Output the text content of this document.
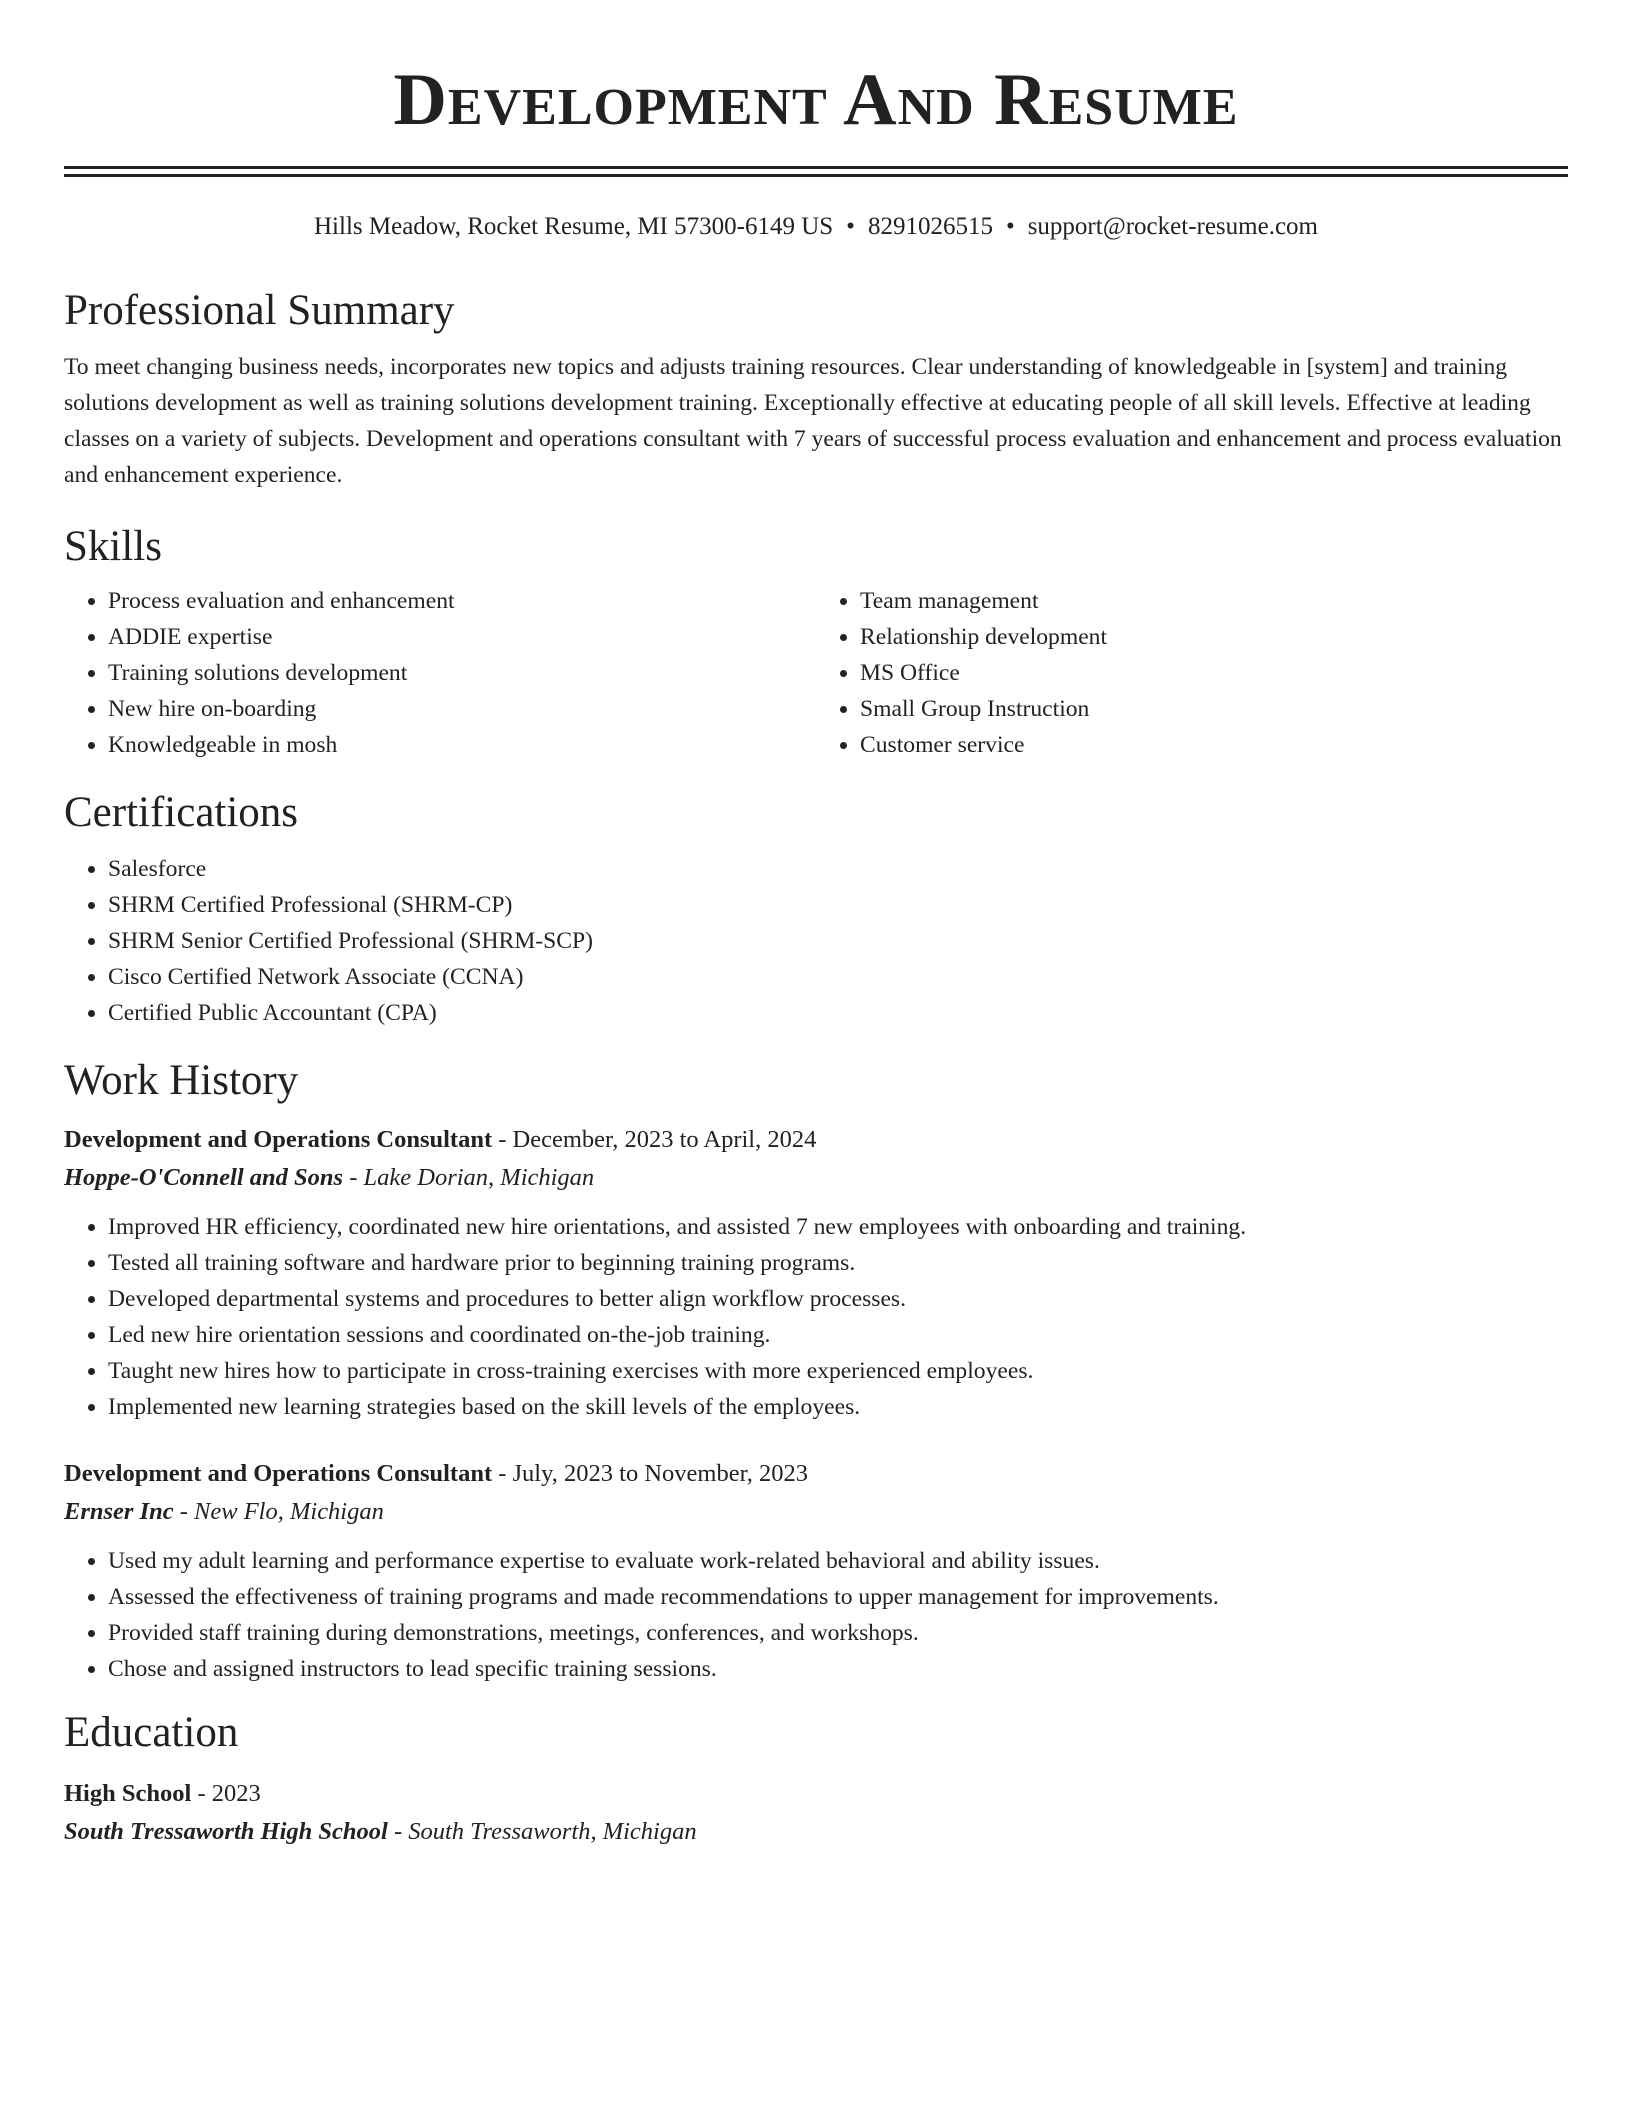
Development And Resume
Hills Meadow, Rocket Resume, MI 57300-6149 US • 8291026515 • support@rocket-resume.com
Professional Summary

To meet changing business needs, incorporates new topics and adjusts training resources. Clear understanding of knowledgeable in [system] and training solutions development as well as training solutions development training. Exceptionally effective at educating people of all skill levels. Effective at leading classes on a variety of subjects. Development and operations consultant with 7 years of successful process evaluation and enhancement and process evaluation and enhancement experience.

Skills
• Process evaluation and enhancement
• ADDIE expertise
• Training solutions development
• New hire on-boarding
• Knowledgeable in mosh
• Team management
• Relationship development
• MS Office
• Small Group Instruction
• Customer service
Certifications
• Salesforce
• SHRM Certified Professional (SHRM-CP)
• SHRM Senior Certified Professional (SHRM-SCP)
• Cisco Certified Network Associate (CCNA)
• Certified Public Accountant (CPA)
Work History
Development and Operations Consultant - December, 2023 to April, 2024
Hoppe-O'Connell and Sons - Lake Dorian, Michigan
• Improved HR efficiency, coordinated new hire orientations, and assisted 7 new employees with onboarding and training.
• Tested all training software and hardware prior to beginning training programs.
• Developed departmental systems and procedures to better align workflow processes.
• Led new hire orientation sessions and coordinated on-the-job training.
• Taught new hires how to participate in cross-training exercises with more experienced employees.
• Implemented new learning strategies based on the skill levels of the employees.
Development and Operations Consultant - July, 2023 to November, 2023
Ernser Inc - New Flo, Michigan
• Used my adult learning and performance expertise to evaluate work-related behavioral and ability issues.
• Assessed the effectiveness of training programs and made recommendations to upper management for improvements.
• Provided staff training during demonstrations, meetings, conferences, and workshops.
• Chose and assigned instructors to lead specific training sessions.
Education
High School - 2023
South Tressaworth High School - South Tressaworth, Michigan
